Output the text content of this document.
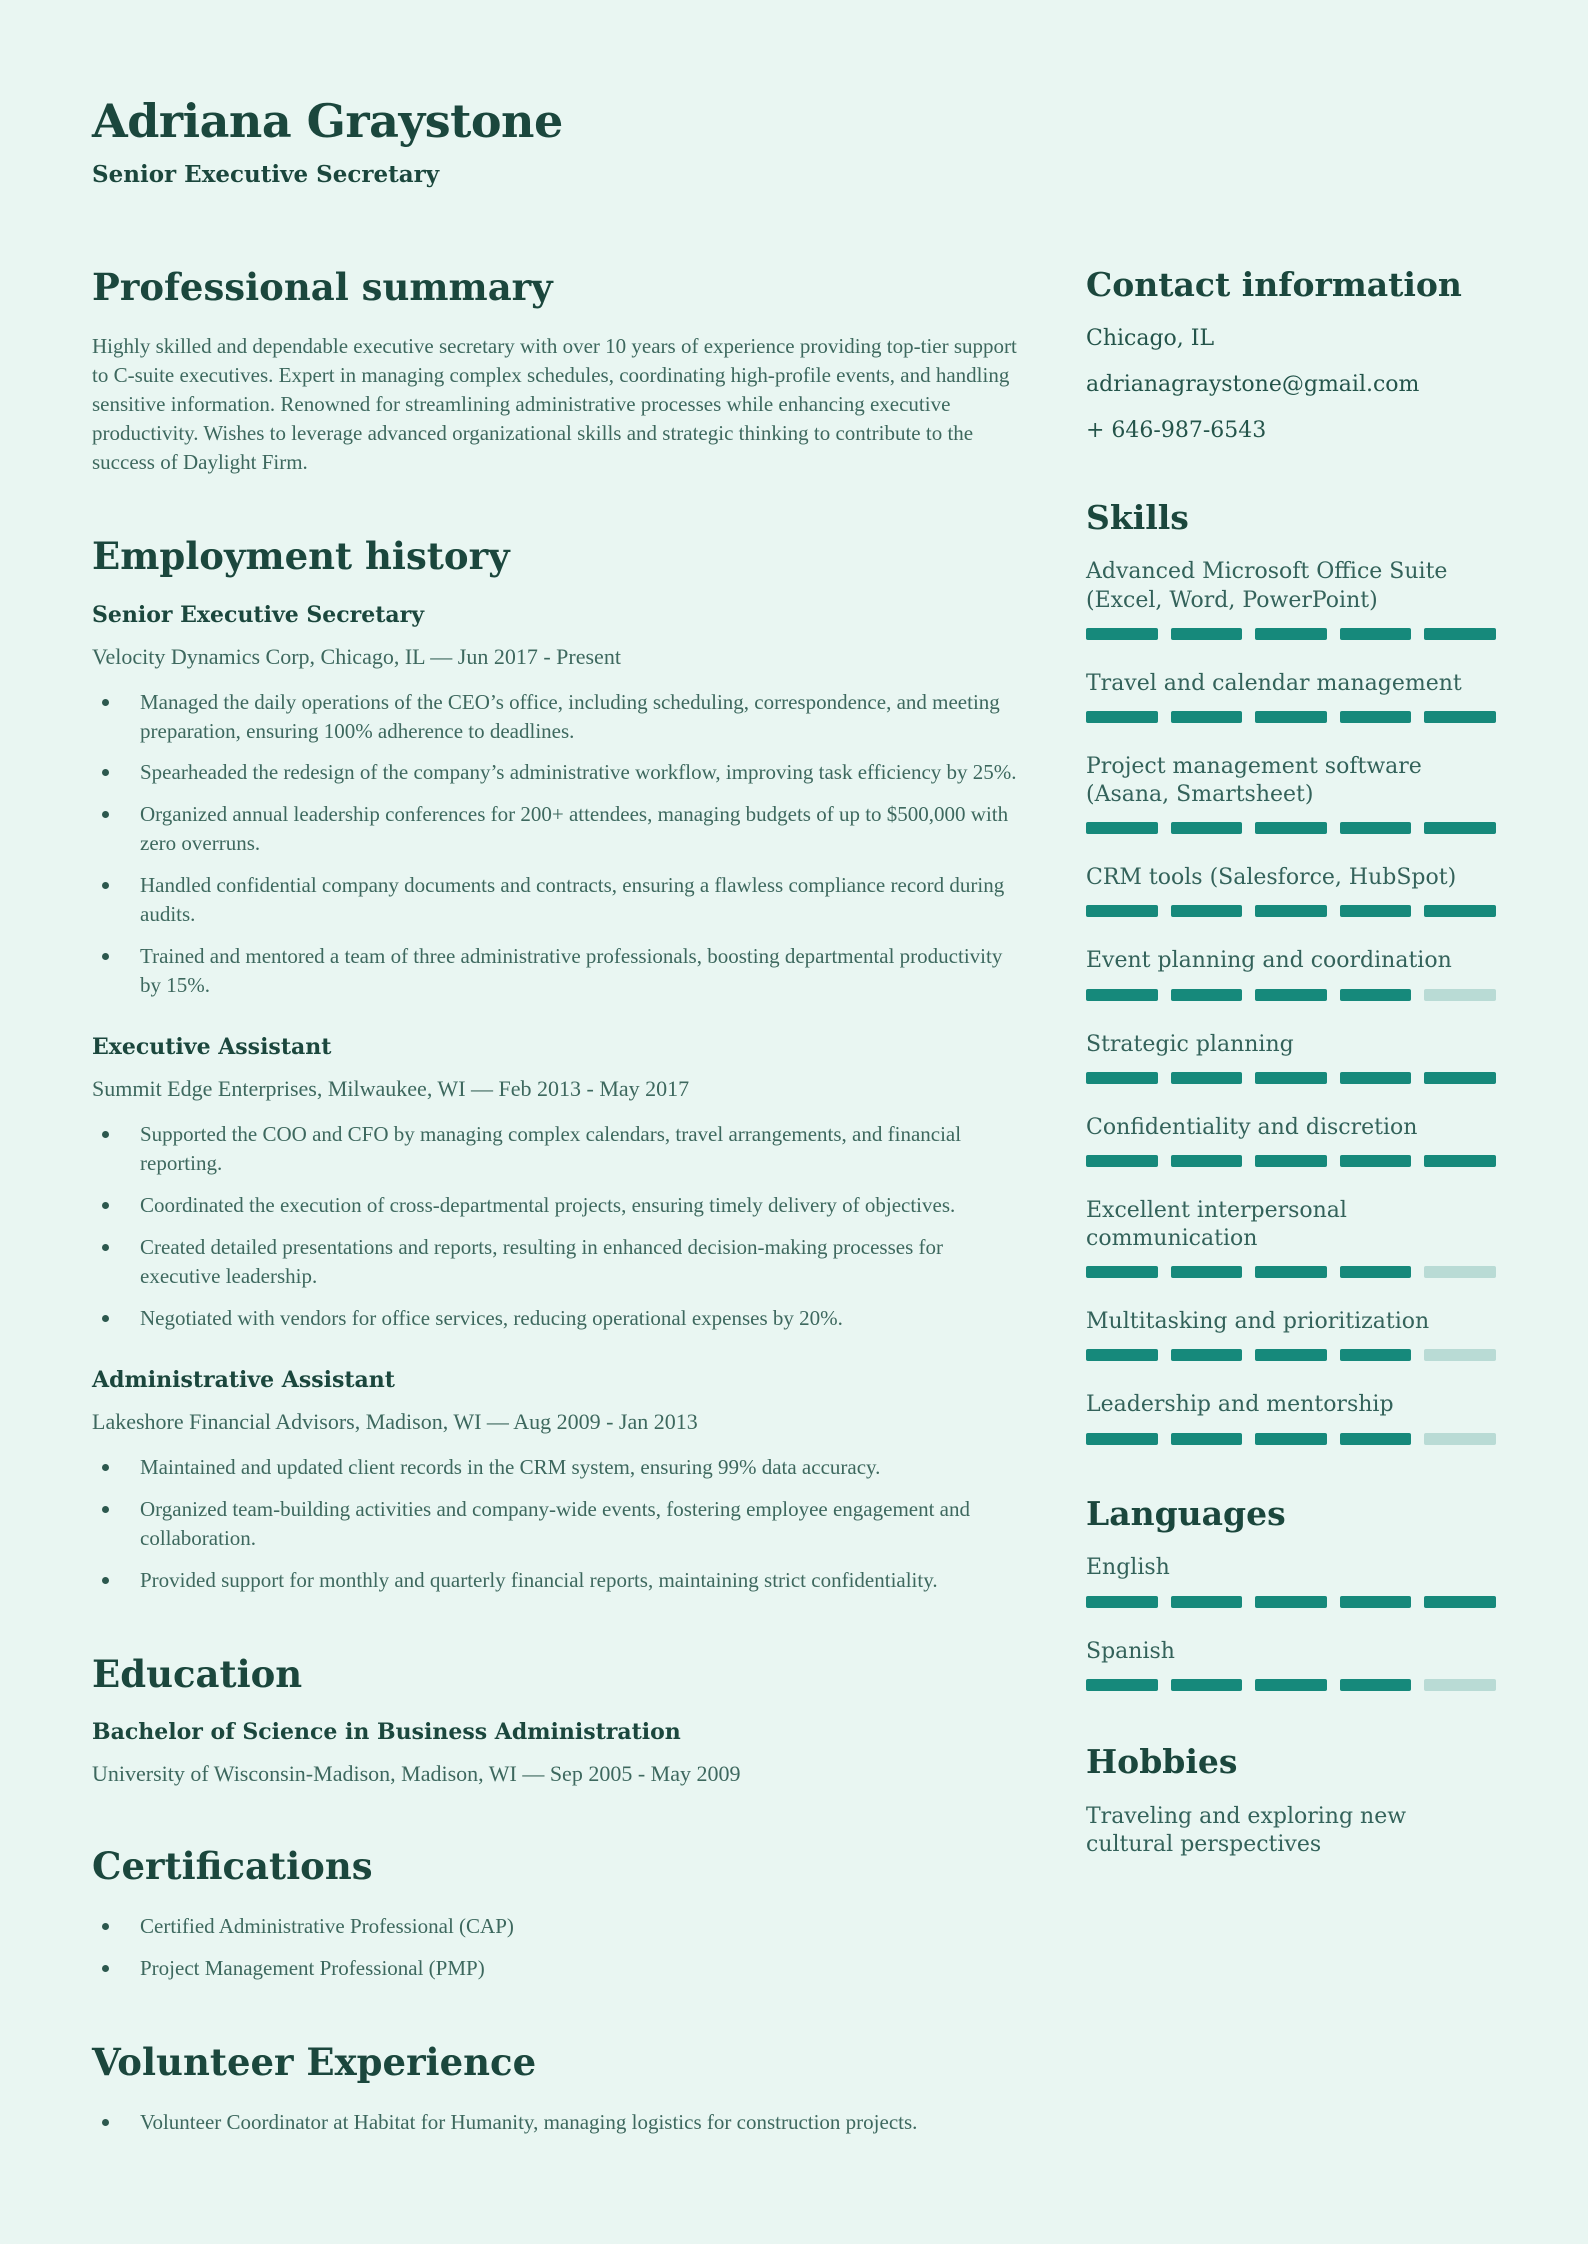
Adriana Graystone
Senior Executive Secretary
Professional summary

Highly skilled and dependable executive secretary with over 10 years of experience providing top-tier support to C-suite executives. Expert in managing complex schedules, coordinating high-profile events, and handling sensitive information. Renowned for streamlining administrative processes while enhancing executive productivity. Wishes to leverage advanced organizational skills and strategic thinking to contribute to the success of Daylight Firm.

Employment history
Senior Executive Secretary
Velocity Dynamics Corp, Chicago, IL — Jun 2017 - Present
Managed the daily operations of the CEO’s office, including scheduling, correspondence, and meeting preparation, ensuring 100% adherence to deadlines.
Spearheaded the redesign of the company’s administrative workflow, improving task efficiency by 25%.
Organized annual leadership conferences for 200+ attendees, managing budgets of up to $500,000 with zero overruns.
Handled confidential company documents and contracts, ensuring a flawless compliance record during audits.
Trained and mentored a team of three administrative professionals, boosting departmental productivity by 15%.
Executive Assistant
Summit Edge Enterprises, Milwaukee, WI — Feb 2013 - May 2017
Supported the COO and CFO by managing complex calendars, travel arrangements, and financial reporting.
Coordinated the execution of cross-departmental projects, ensuring timely delivery of objectives.
Created detailed presentations and reports, resulting in enhanced decision-making processes for executive leadership.
Negotiated with vendors for office services, reducing operational expenses by 20%.
Administrative Assistant
Lakeshore Financial Advisors, Madison, WI — Aug 2009 - Jan 2013
Maintained and updated client records in the CRM system, ensuring 99% data accuracy.
Organized team-building activities and company-wide events, fostering employee engagement and collaboration.
Provided support for monthly and quarterly financial reports, maintaining strict confidentiality.
Education
Bachelor of Science in Business Administration
University of Wisconsin-Madison, Madison, WI — Sep 2005 - May 2009
Certifications
Certified Administrative Professional (CAP)
Project Management Professional (PMP)
Volunteer Experience
Volunteer Coordinator at Habitat for Humanity, managing logistics for construction projects.
Contact information
Chicago, IL
adrianagraystone@gmail.com
+ 646-987-6543
Skills
Advanced Microsoft Office Suite (Excel, Word, PowerPoint)
Travel and calendar management
Project management software (Asana, Smartsheet)
CRM tools (Salesforce, HubSpot)
Event planning and coordination
Strategic planning
Confidentiality and discretion
Excellent interpersonal communication
Multitasking and prioritization
Leadership and mentorship
Languages
English
Spanish
Hobbies

Traveling and exploring new cultural perspectives
